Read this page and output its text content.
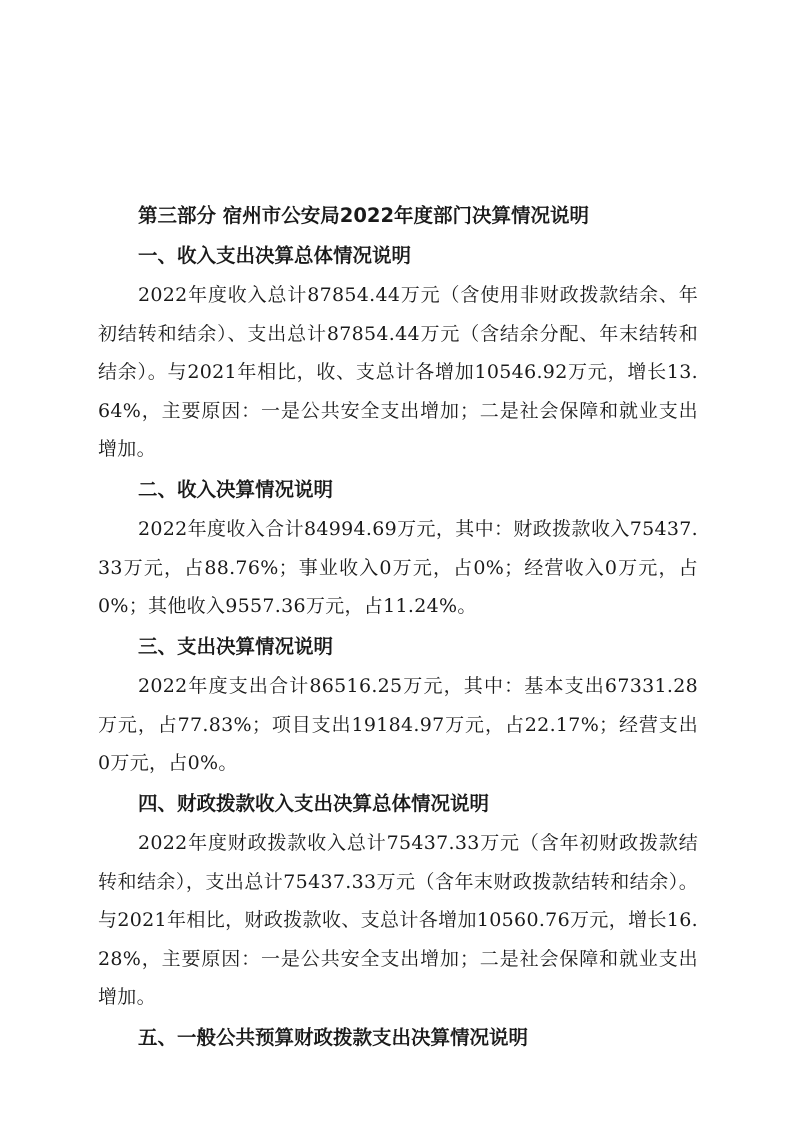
第三部分 宿州市公安局2022年度部门决算情况说明
一、收入支出决算总体情况说明

2022年度收入总计87854.44万元（含使用非财政拨款结余、年初结转和结余）、支出总计87854.44万元（含结余分配、年末结转和结余）。与2021年相比，收、支总计各增加10546.92万元，增长13.64%，主要原因：一是公共安全支出增加；二是社会保障和就业支出增加。

二、收入决算情况说明

2022年度收入合计84994.69万元，其中：财政拨款收入75437.33万元，占88.76%；事业收入0万元，占0%；经营收入0万元，占0%；其他收入9557.36万元，占11.24%。

三、支出决算情况说明

2022年度支出合计86516.25万元，其中：基本支出67331.28万元，占77.83%；项目支出19184.97万元，占22.17%；经营支出0万元，占0%。

四、财政拨款收入支出决算总体情况说明

2022年度财政拨款收入总计75437.33万元（含年初财政拨款结转和结余），支出总计75437.33万元（含年末财政拨款结转和结余）。与2021年相比，财政拨款收、支总计各增加10560.76万元，增长16.28%，主要原因：一是公共安全支出增加；二是社会保障和就业支出增加。

五、一般公共预算财政拨款支出决算情况说明
